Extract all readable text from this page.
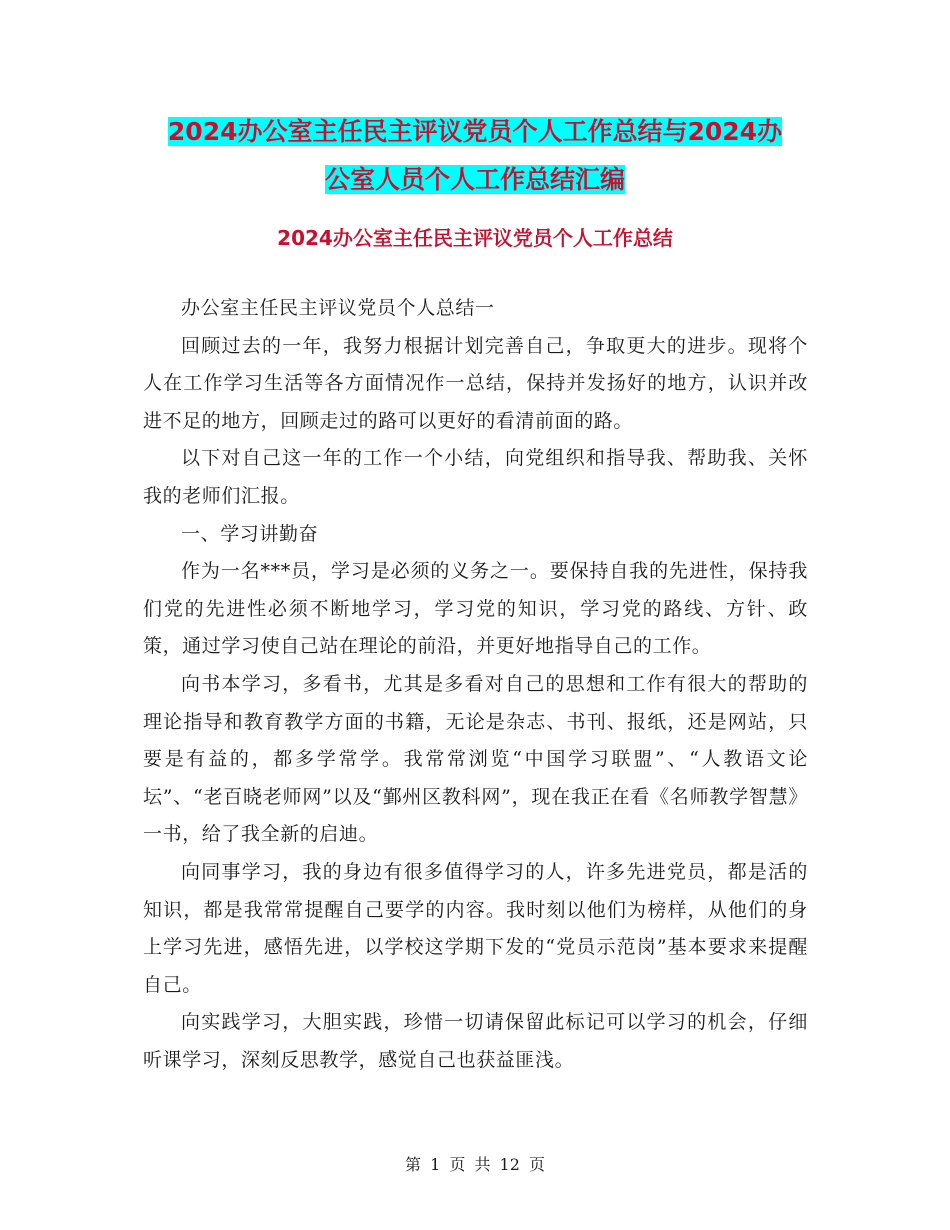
2024办公室主任民主评议党员个人工作总结与2024办
公室人员个人工作总结汇编
2024办公室主任民主评议党员个人工作总结

办公室主任民主评议党员个人总结一

回顾过去的一年，我努力根据计划完善自己，争取更大的进步。现将个人在工作学习生活等各方面情况作一总结，保持并发扬好的地方，认识并改进不足的地方，回顾走过的路可以更好的看清前面的路。

以下对自己这一年的工作一个小结，向党组织和指导我、帮助我、关怀我的老师们汇报。

一、学习讲勤奋

作为一名***员，学习是必须的义务之一。要保持自我的先进性，保持我们党的先进性必须不断地学习，学习党的知识，学习党的路线、方针、政策，通过学习使自己站在理论的前沿，并更好地指导自己的工作。

向书本学习，多看书，尤其是多看对自己的思想和工作有很大的帮助的理论指导和教育教学方面的书籍，无论是杂志、书刊、报纸，还是网站，只要是有益的，都多学常学。我常常浏览“中国学习联盟”、“人教语文论坛”、“老百晓老师网”以及“鄞州区教科网”，现在我正在看《名师教学智慧》一书，给了我全新的启迪。

向同事学习，我的身边有很多值得学习的人，许多先进党员，都是活的知识，都是我常常提醒自己要学的内容。我时刻以他们为榜样，从他们的身上学习先进，感悟先进，以学校这学期下发的“党员示范岗”基本要求来提醒自己。

向实践学习，大胆实践，珍惜一切请保留此标记可以学习的机会，仔细听课学习，深刻反思教学，感觉自己也获益匪浅。

第 1 页 共 12 页
